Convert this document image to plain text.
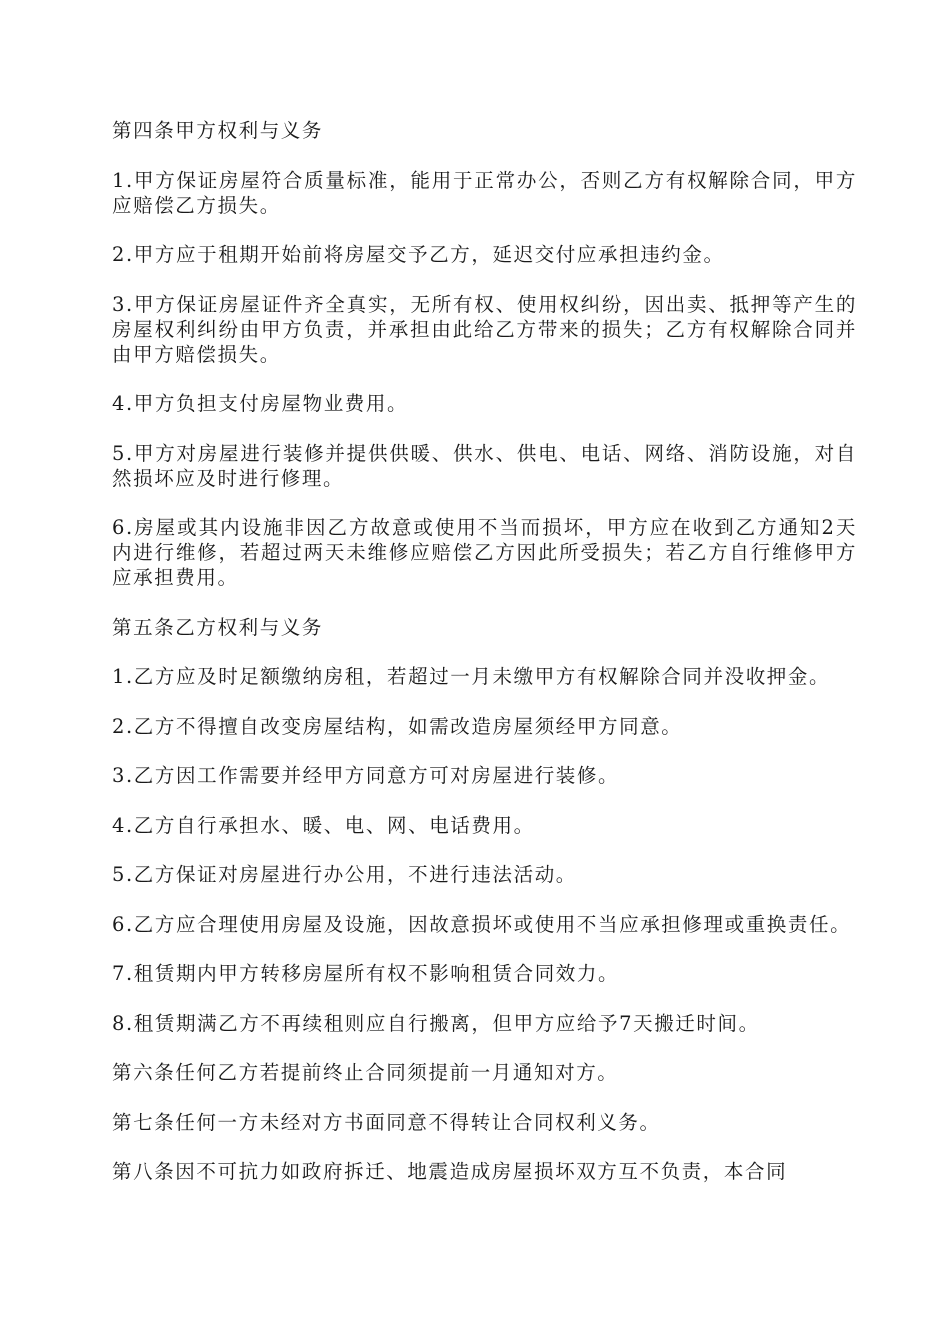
第四条甲方权利与义务

1.甲方保证房屋符合质量标准，能用于正常办公，否则乙方有权解除合同，甲方应赔偿乙方损失。

2.甲方应于租期开始前将房屋交予乙方，延迟交付应承担违约金。

3.甲方保证房屋证件齐全真实，无所有权、使用权纠纷，因出卖、抵押等产生的房屋权利纠纷由甲方负责，并承担由此给乙方带来的损失；乙方有权解除合同并由甲方赔偿损失。

4.甲方负担支付房屋物业费用。

5.甲方对房屋进行装修并提供供暖、供水、供电、电话、网络、消防设施，对自然损坏应及时进行修理。

6.房屋或其内设施非因乙方故意或使用不当而损坏，甲方应在收到乙方通知2天内进行维修，若超过两天未维修应赔偿乙方因此所受损失；若乙方自行维修甲方应承担费用。

第五条乙方权利与义务

1.乙方应及时足额缴纳房租，若超过一月未缴甲方有权解除合同并没收押金。

2.乙方不得擅自改变房屋结构，如需改造房屋须经甲方同意。

3.乙方因工作需要并经甲方同意方可对房屋进行装修。

4.乙方自行承担水、暖、电、网、电话费用。

5.乙方保证对房屋进行办公用，不进行违法活动。

6.乙方应合理使用房屋及设施，因故意损坏或使用不当应承担修理或重换责任。

7.租赁期内甲方转移房屋所有权不影响租赁合同效力。

8.租赁期满乙方不再续租则应自行搬离，但甲方应给予7天搬迁时间。

第六条任何乙方若提前终止合同须提前一月通知对方。

第七条任何一方未经对方书面同意不得转让合同权利义务。

第八条因不可抗力如政府拆迁、地震造成房屋损坏双方互不负责，本合同
